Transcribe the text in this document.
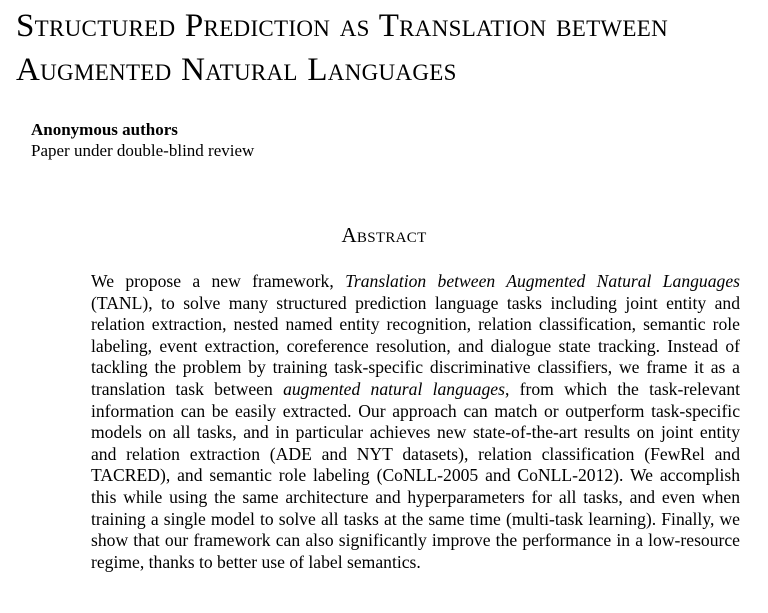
Structured Prediction as Translation between Augmented Natural Languages
Anonymous authors
Paper under double-blind review
Abstract

We propose a new framework, Translation between Augmented Natural Languages (TANL), to solve many structured prediction language tasks including joint entity and relation extraction, nested named entity recognition, relation classification, semantic role labeling, event extraction, coreference resolution, and dialogue state tracking. Instead of tackling the problem by training task-specific discriminative classifiers, we frame it as a translation task between augmented natural languages, from which the task-relevant information can be easily extracted. Our approach can match or outperform task-specific models on all tasks, and in particular achieves new state-of-the-art results on joint entity and relation extraction (ADE and NYT datasets), relation classification (FewRel and TACRED), and semantic role labeling (CoNLL-2005 and CoNLL-2012). We accomplish this while using the same architecture and hyperparameters for all tasks, and even when training a single model to solve all tasks at the same time (multi-task learning). Finally, we show that our framework can also significantly improve the performance in a low-resource regime, thanks to better use of label semantics.
